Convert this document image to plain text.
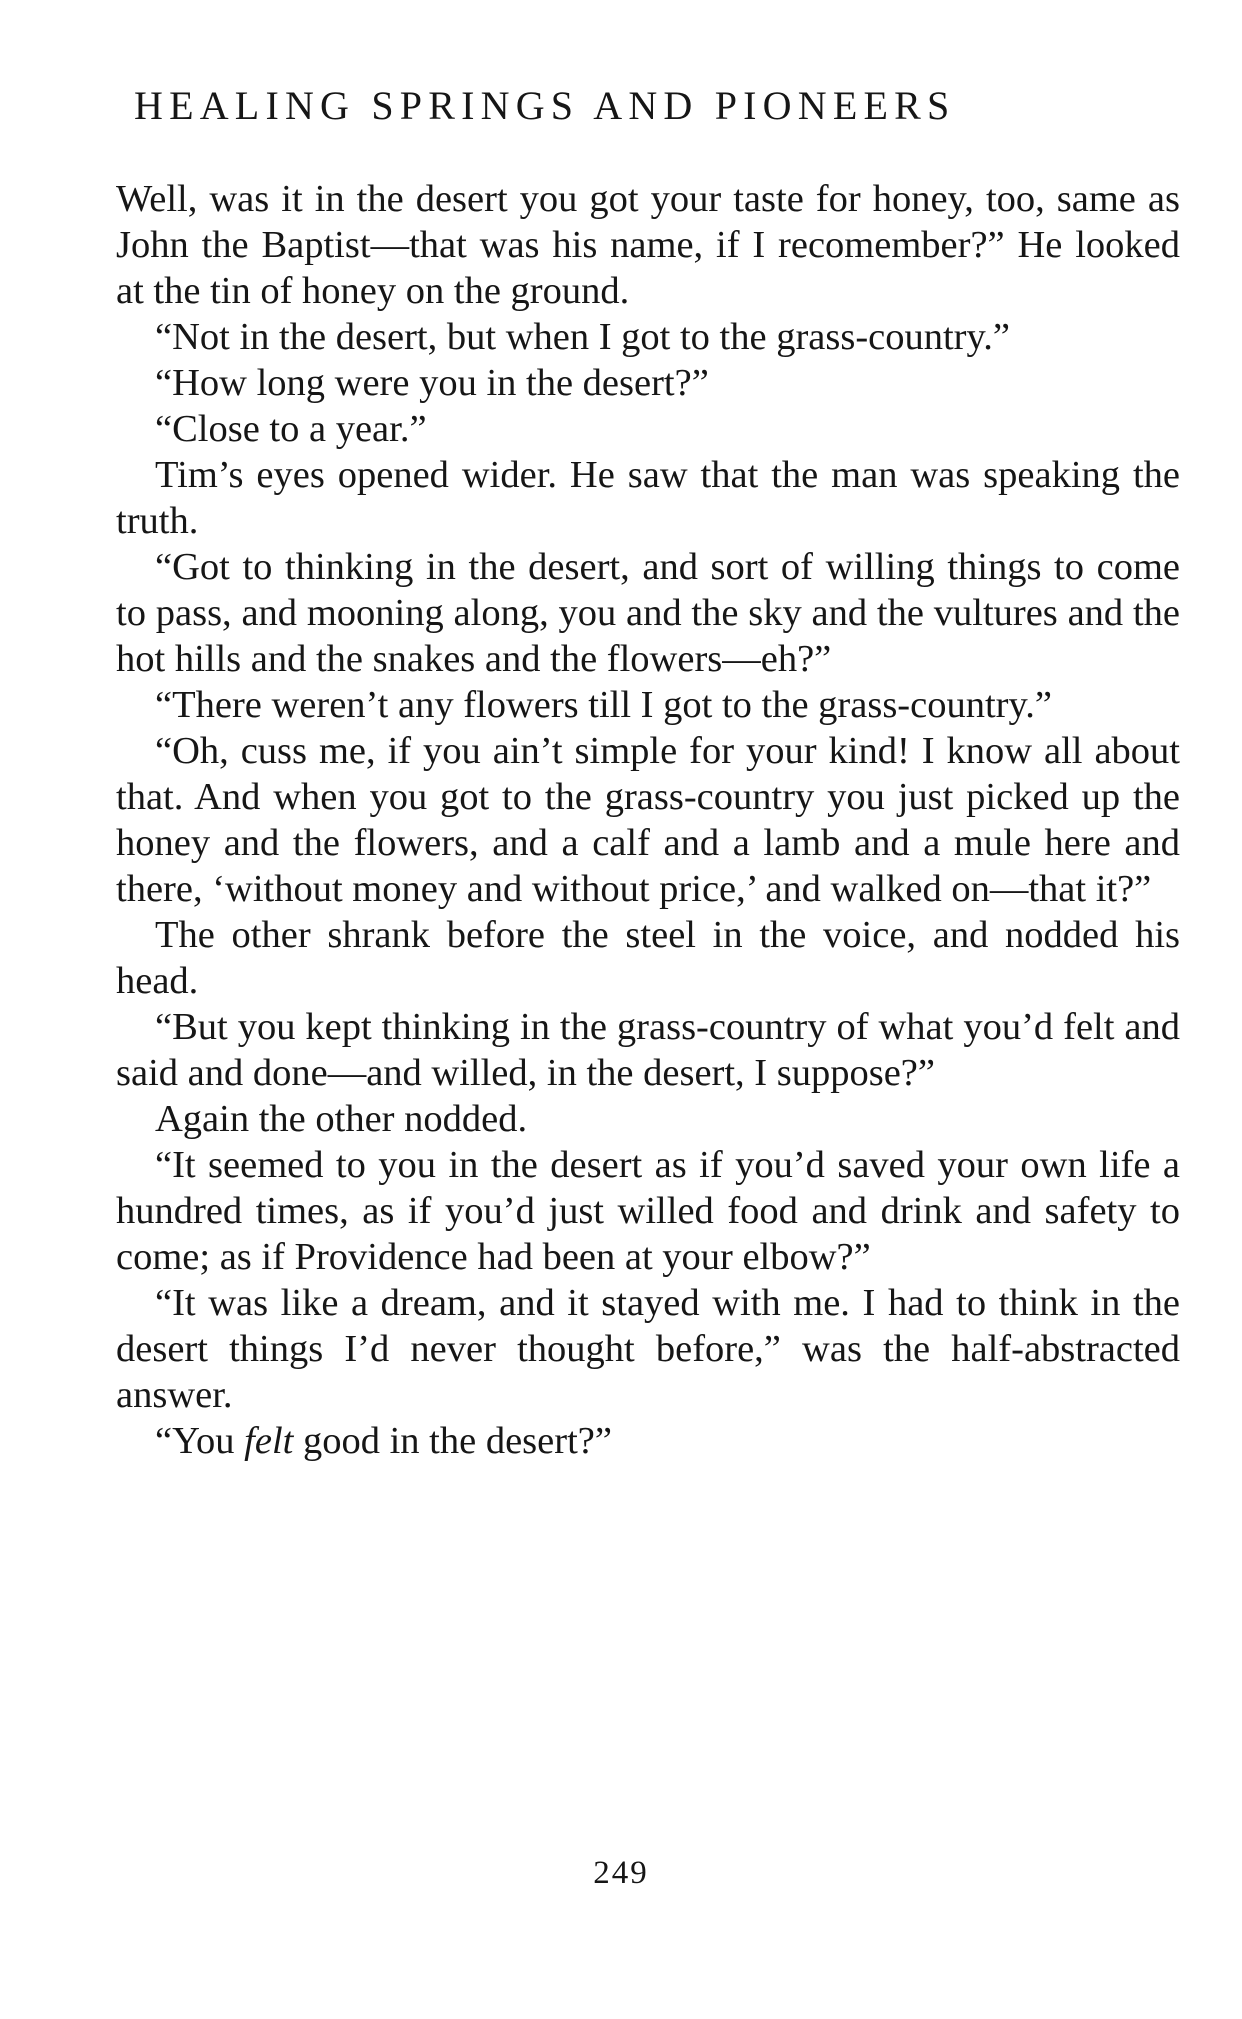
HEALING SPRINGS AND PIONEERS

Well, was it in the desert you got your taste for honey, too, same as John the Baptist—that was his name, if I recomember?” He looked at the tin of honey on the ground.

“Not in the desert, but when I got to the grass-country.”

“How long were you in the desert?”

“Close to a year.”

Tim’s eyes opened wider. He saw that the man was speaking the truth.

“Got to thinking in the desert, and sort of willing things to come to pass, and mooning along, you and the sky and the vultures and the hot hills and the snakes and the flowers—eh?”

“There weren’t any flowers till I got to the grass-country.”

“Oh, cuss me, if you ain’t simple for your kind! I know all about that. And when you got to the grass-country you just picked up the honey and the flowers, and a calf and a lamb and a mule here and there, ‘without money and without price,’ and walked on—that it?”

The other shrank before the steel in the voice, and nodded his head.

“But you kept thinking in the grass-country of what you’d felt and said and done—and willed, in the desert, I suppose?”

Again the other nodded.

“It seemed to you in the desert as if you’d saved your own life a hundred times, as if you’d just willed food and drink and safety to come; as if Providence had been at your elbow?”

“It was like a dream, and it stayed with me. I had to think in the desert things I’d never thought before,” was the half-abstracted answer.

“You felt good in the desert?”

249
